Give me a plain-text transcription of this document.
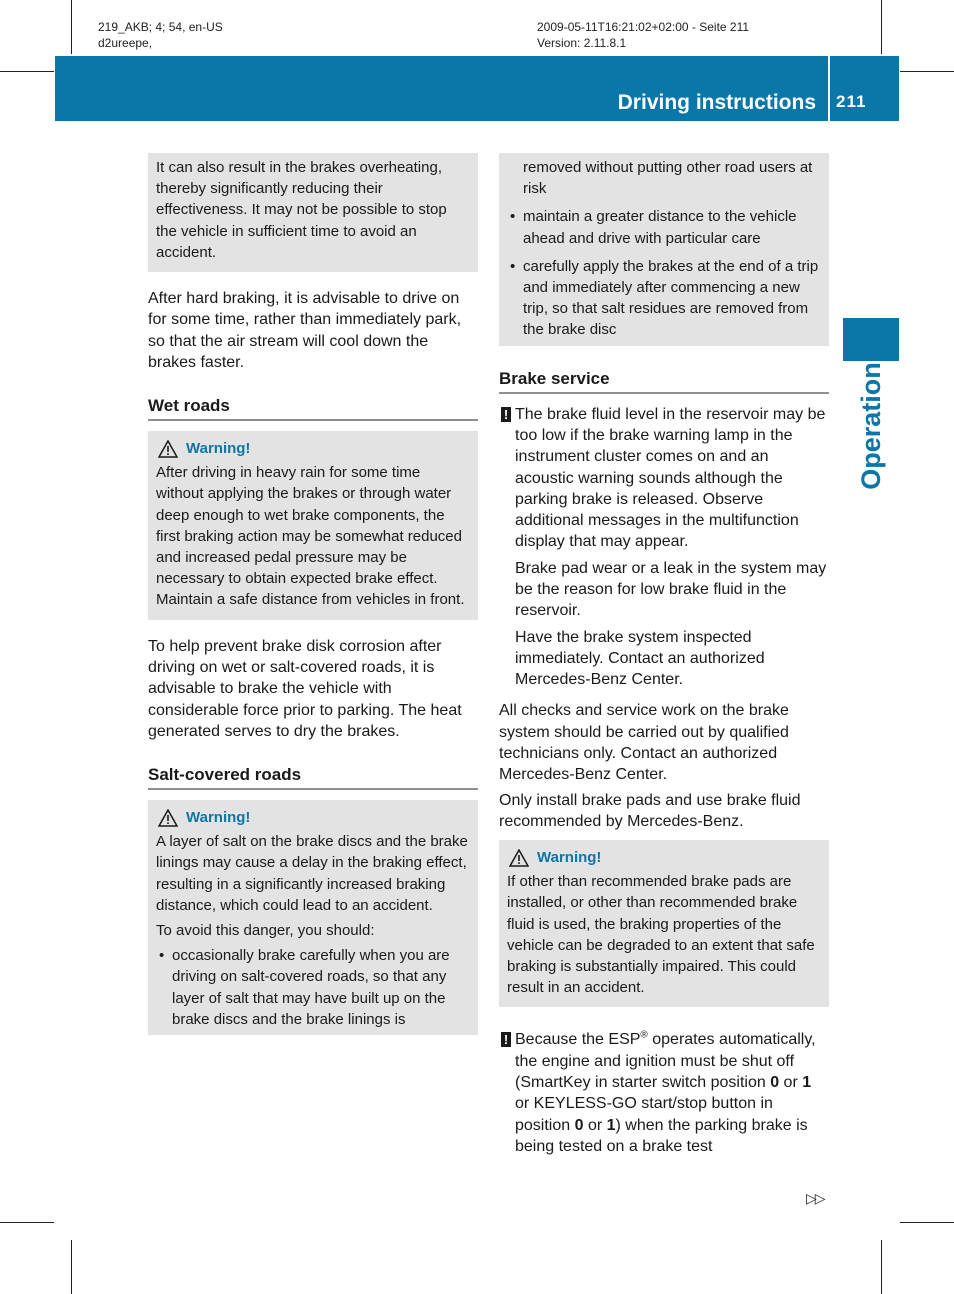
219_AKB; 4; 54, en-US
d2ureepe,
2009-05-11T16:21:02+02:00 - Seite 211
Version: 2.11.8.1
Driving instructions 211
Operation

It can also result in the brakes overheating, thereby significantly reducing their effectiveness. It may not be possible to stop the vehicle in sufficient time to avoid an accident.

After hard braking, it is advisable to drive on for some time, rather than immediately park, so that the air stream will cool down the brakes faster.

Wet roads
Warning!

After driving in heavy rain for some time without applying the brakes or through water deep enough to wet brake components, the first braking action may be somewhat reduced and increased pedal pressure may be necessary to obtain expected brake effect. Maintain a safe distance from vehicles in front.

To help prevent brake disk corrosion after driving on wet or salt-covered roads, it is advisable to brake the vehicle with considerable force prior to parking. The heat generated serves to dry the brakes.

Salt-covered roads
Warning!

A layer of salt on the brake discs and the brake linings may cause a delay in the braking effect, resulting in a significantly increased braking distance, which could lead to an accident.

To avoid this danger, you should:

• occasionally brake carefully when you are driving on salt-covered roads, so that any layer of salt that may have built up on the brake discs and the brake linings is
removed without putting other road users at risk
• maintain a greater distance to the vehicle ahead and drive with particular care
• carefully apply the brakes at the end of a trip and immediately after commencing a new trip, so that salt residues are removed from the brake disc
Brake service
! The brake fluid level in the reservoir may be too low if the brake warning lamp in the instrument cluster comes on and an acoustic warning sounds although the parking brake is released. Observe additional messages in the multifunction display that may appear.
Brake pad wear or a leak in the system may be the reason for low brake fluid in the reservoir.
Have the brake system inspected immediately. Contact an authorized Mercedes-Benz Center.

All checks and service work on the brake system should be carried out by qualified technicians only. Contact an authorized Mercedes-Benz Center.

Only install brake pads and use brake fluid recommended by Mercedes-Benz.

Warning!

If other than recommended brake pads are installed, or other than recommended brake fluid is used, the braking properties of the vehicle can be degraded to an extent that safe braking is substantially impaired. This could result in an accident.

! Because the ESP® operates automatically, the engine and ignition must be shut off (SmartKey in starter switch position 0 or 1 or KEYLESS-GO start/stop button in position 0 or 1) when the parking brake is being tested on a brake test
▷▷
